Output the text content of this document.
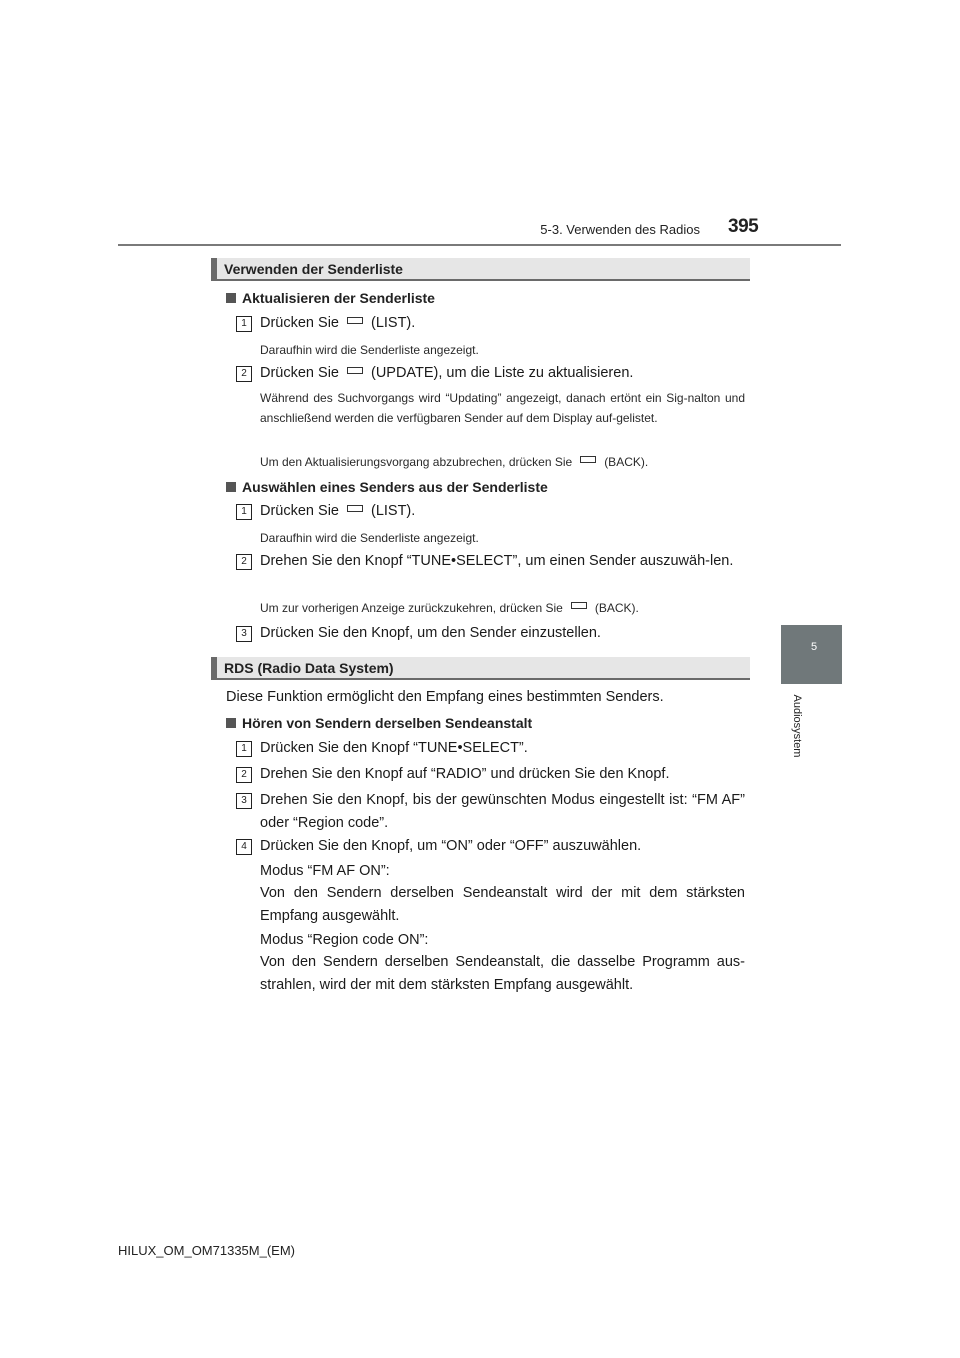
5-3. Verwenden des Radios 395
5
Audiosystem
Verwenden der Senderliste
Aktualisieren der Senderliste
1 Drücken Sie (LIST).
Daraufhin wird die Senderliste angezeigt.
2 Drücken Sie (UPDATE), um die Liste zu aktualisieren.
Während des Suchvorgangs wird “Updating” angezeigt, danach ertönt ein Sig-nalton und anschließend werden die verfügbaren Sender auf dem Display auf-gelistet.
Um den Aktualisierungsvorgang abzubrechen, drücken Sie	(BACK).
Auswählen eines Senders aus der Senderliste
1 Drücken Sie (LIST).
Daraufhin wird die Senderliste angezeigt.
2 Drehen Sie den Knopf “TUNE•SELECT”, um einen Sender auszuwäh-len.
Um zur vorherigen Anzeige zurückzukehren, drücken Sie	(BACK).
3 Drücken Sie den Knopf, um den Sender einzustellen.
RDS (Radio Data System)
Diese Funktion ermöglicht den Empfang eines bestimmten Senders.
Hören von Sendern derselben Sendeanstalt
1 Drücken Sie den Knopf “TUNE•SELECT”.
2 Drehen Sie den Knopf auf “RADIO” und drücken Sie den Knopf.
3 Drehen Sie den Knopf, bis der gewünschten Modus eingestellt ist: “FM AF” oder “Region code”.
4 Drücken Sie den Knopf, um “ON” oder “OFF” auszuwählen.
Modus “FM AF ON”:
Von den Sendern derselben Sendeanstalt wird der mit dem stärksten Empfang ausgewählt.
Modus “Region code ON”:
Von den Sendern derselben Sendeanstalt, die dasselbe Programm aus-strahlen, wird der mit dem stärksten Empfang ausgewählt.
HILUX_OM_OM71335M_(EM)
